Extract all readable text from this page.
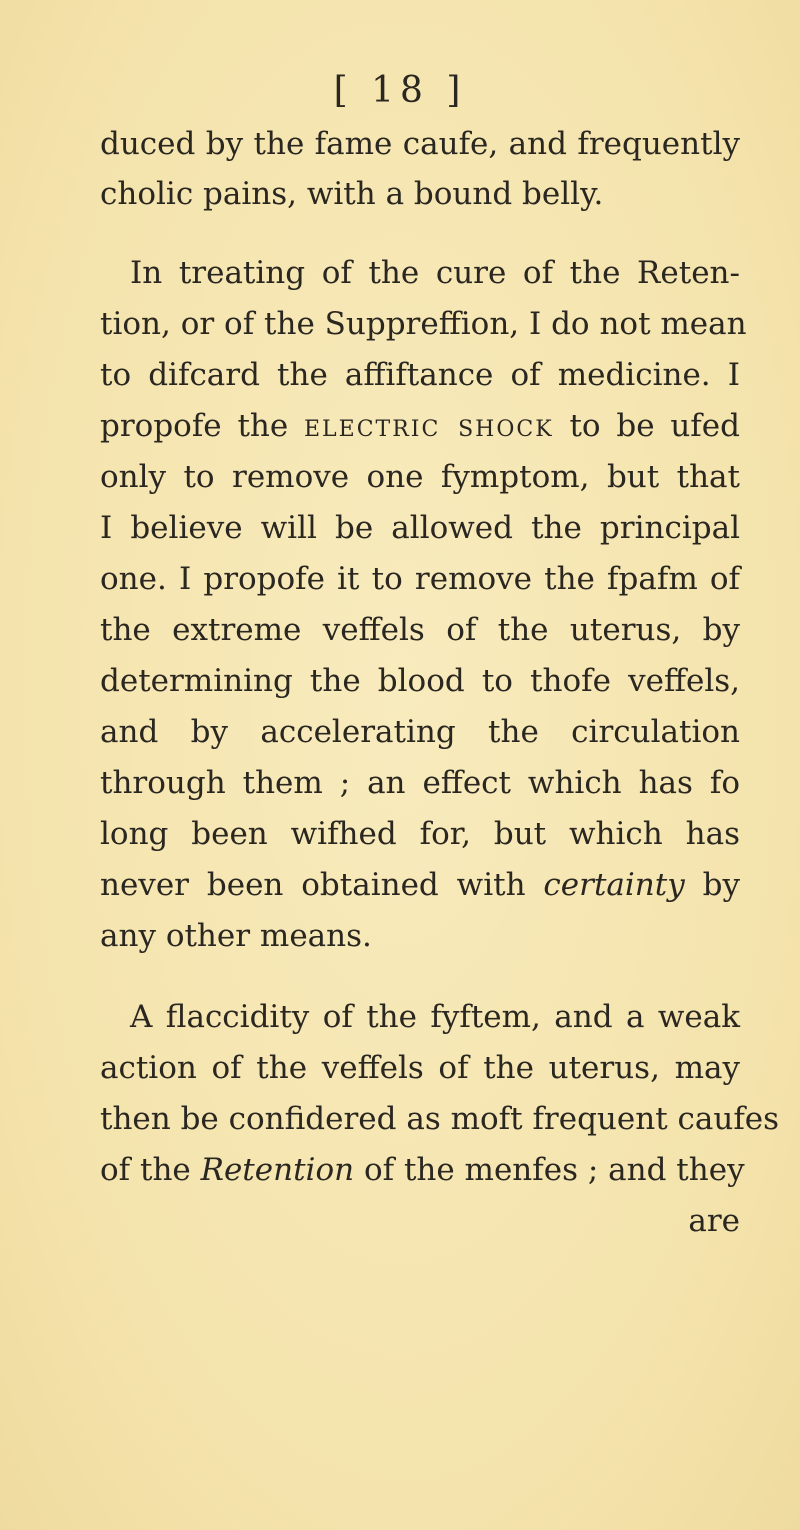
[ 18 ]
duced by the fame caufe, and frequently
cholic pains, with a bound belly.
In treating of the cure of the Reten-
tion, or of the Suppreffion, I do not mean
to difcard the affiftance of medicine. I
propofe the electric shock to be ufed
only to remove one fymptom, but that
I believe will be allowed the principal
one. I propofe it to remove the fpafm of
the extreme veffels of the uterus, by
determining the blood to thofe veffels,
and by accelerating the circulation
through them ; an effect which has fo
long been wifhed for, but which has
never been obtained with certainty by
any other means.
A flaccidity of the fyftem, and a weak
action of the veffels of the uterus, may
then be confidered as moft frequent caufes
of the Retention of the menfes ; and they
are
